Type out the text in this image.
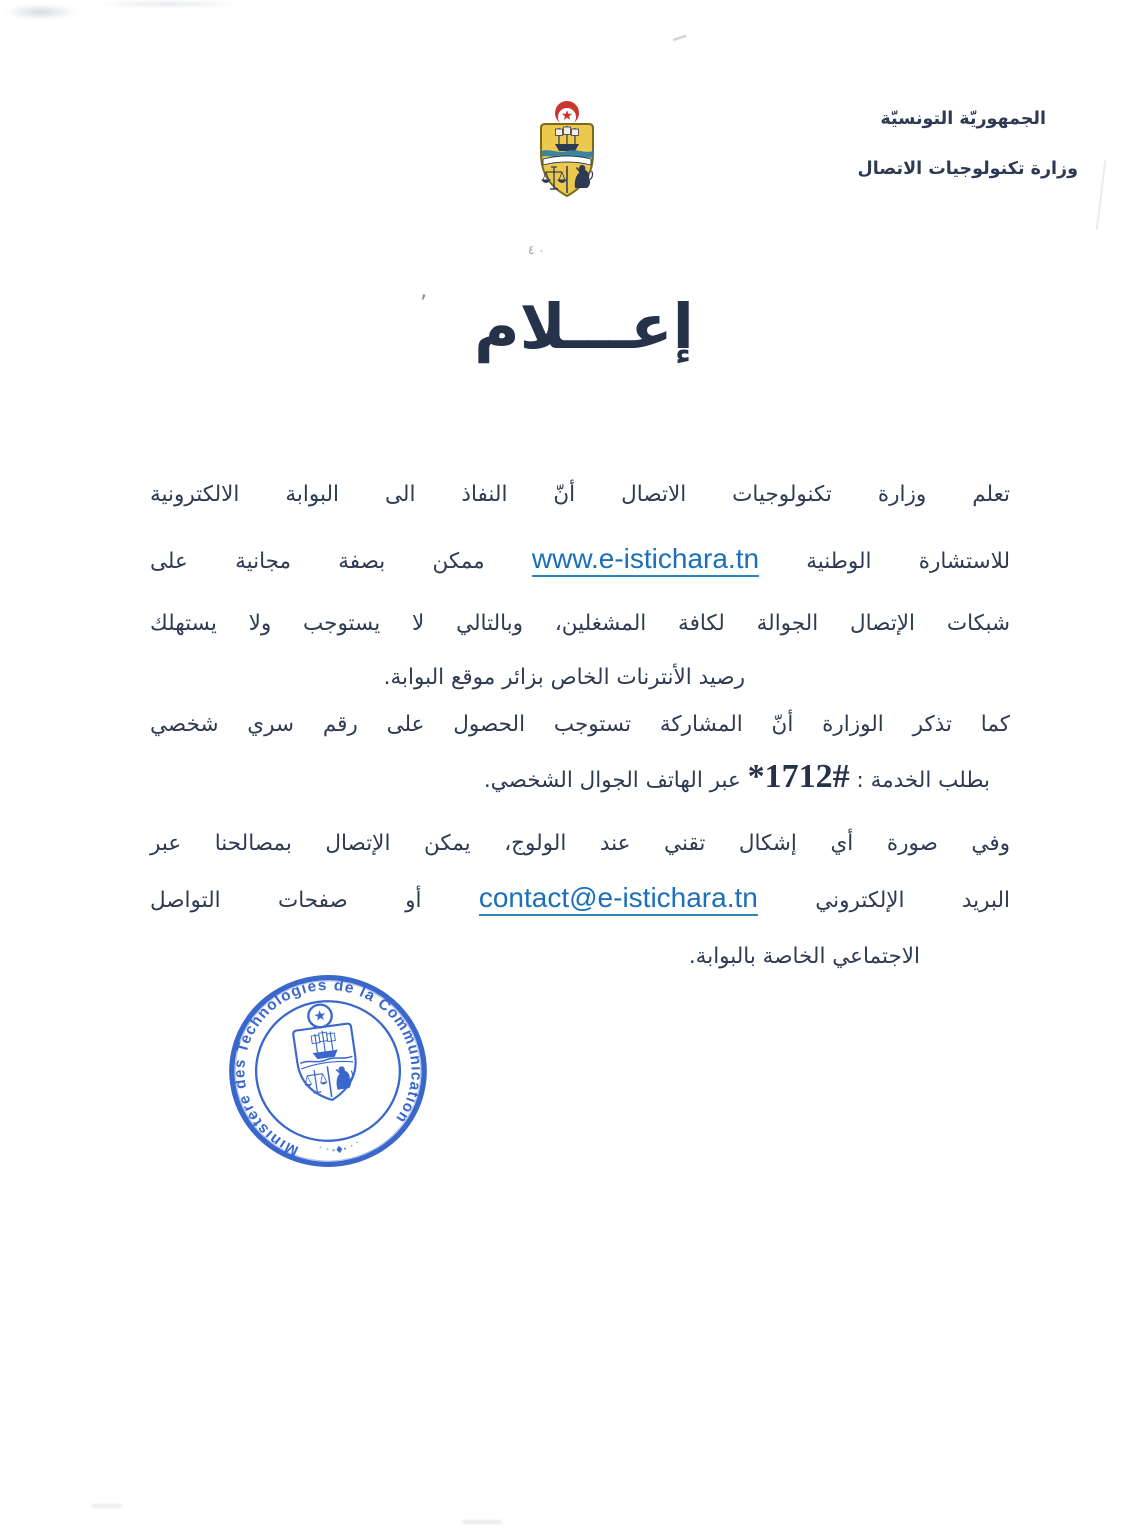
الجمهوريّة التونسيّة
وزارة تكنولوجيات الاتصال
إعـــلام
تعلم وزارة تكنولوجيات الاتصال أنّ النفاذ الى البوابة الالكترونية
للاستشارة الوطنية www.e-istichara.tn ممكن بصفة مجانية على
شبكات الإتصال الجوالة لكافة المشغلين، وبالتالي لا يستوجب ولا يستهلك
رصيد الأنترنات الخاص بزائر موقع البوابة.
كما تذكر الوزارة أنّ المشاركة تستوجب الحصول على رقم سري شخصي
بطلب الخدمة : *1712# عبر الهاتف الجوال الشخصي.
وفي صورة أي إشكال تقني عند الولوج، يمكن الإتصال بمصالحنا عبر
البريد الإلكتروني contact@e-istichara.tn أو صفحات التواصل
الاجتماعي الخاصة بالبوابة.
Ministère des Technologies de la Communication
٠ ٤
’
